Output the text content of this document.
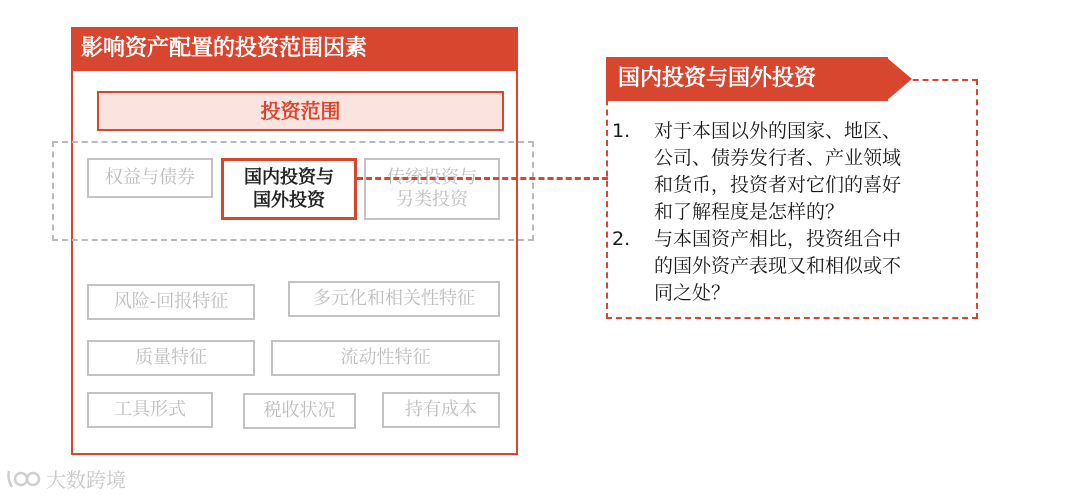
影响资产配置的投资范围因素
投资范围
权益与债券	国内投资与
国外投资
传统投资与
另类投资
风险-回报特征	多元化和相关性特征
质量特征	流动性特征
工具形式	税收状况	持有成本
国内投资与国外投资
1.	对于本国以外的国家、地区、
公司、债券发行者、产业领域
和货币，投资者对它们的喜好
和了解程度是怎样的？
2.	与本国资产相比，投资组合中
的国外资产表现又和相似或不
同之处？
大数跨境
